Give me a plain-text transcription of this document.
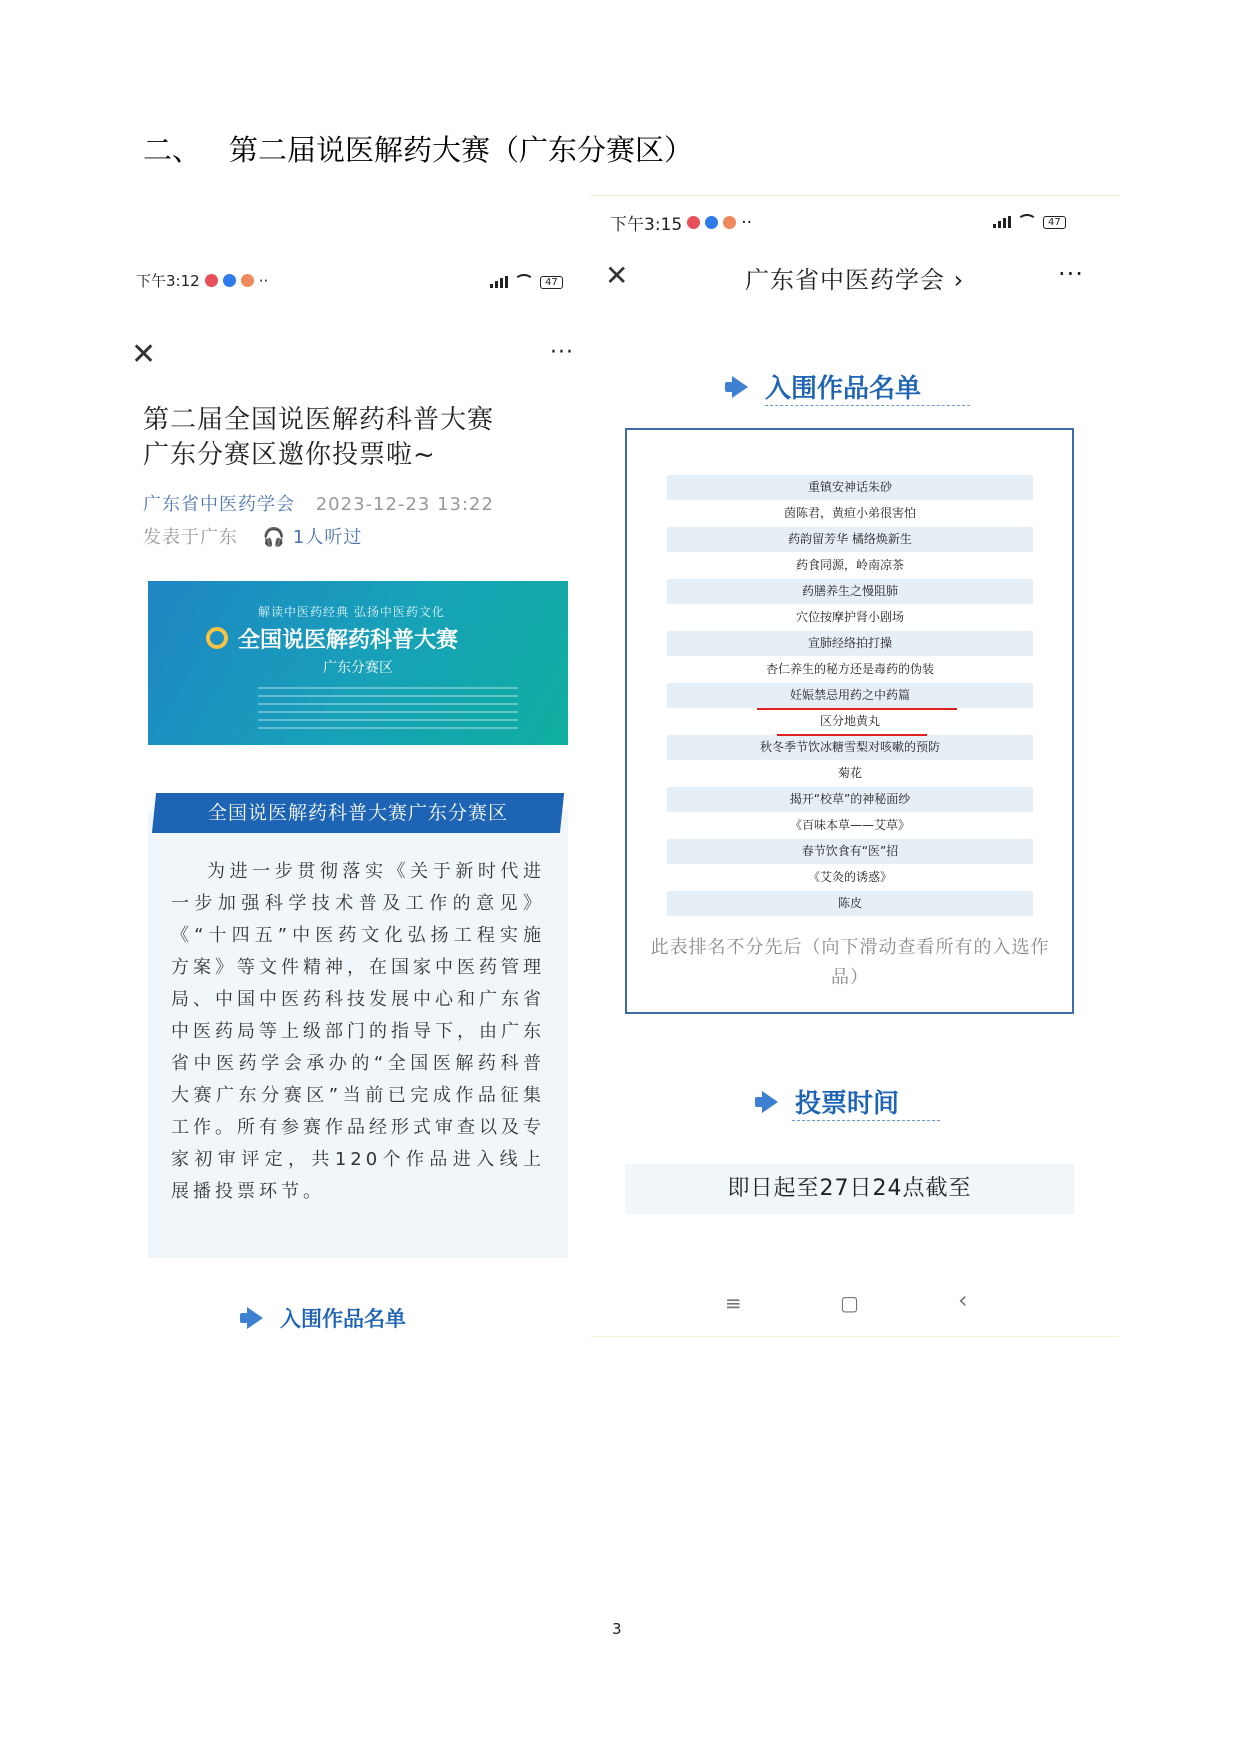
二、 第二届说医解药大赛（广东分赛区）
下午3:12	··	47
✕	···
第二届全国说医解药科普大赛
广东分赛区邀你投票啦~
广东省中医药学会 2023-12-23 13:22
发表于广东 🎧 1人听过
解读中医药经典 弘扬中医药文化
全国说医解药科普大赛
广东分赛区
全国说医解药科普大赛广东分赛区
为进一步贯彻落实《关于新时代进一步加强科学技术普及工作的意见》《“十四五”中医药文化弘扬工程实施方案》等文件精神，在国家中医药管理局、中国中医药科技发展中心和广东省中医药局等上级部门的指导下，由广东省中医药学会承办的“全国医解药科普大赛广东分赛区”当前已完成作品征集工作。所有参赛作品经形式审查以及专家初审评定，共120个作品进入线上展播投票环节。
入围作品名单
下午3:15	··	47
✕	广东省中医药学会 ›	···
入围作品名单
重镇安神话朱砂
茵陈君，黄疸小弟很害怕
药韵留芳华 橘络焕新生
药食同源，岭南凉茶
药膳养生之慢阻肺
穴位按摩护肾小剧场
宣肺经络拍打操
杏仁养生的秘方还是毒药的伪装
妊娠禁忌用药之中药篇
区分地黄丸
秋冬季节饮冰糖雪梨对咳嗽的预防
菊花
揭开“校草”的神秘面纱
《百味本草——艾草》
春节饮食有“医”招
《艾灸的诱惑》
陈皮
此表排名不分先后（向下滑动查看所有的入选作品）
投票时间
即日起至27日24点截至
≡	▢	‹
3
